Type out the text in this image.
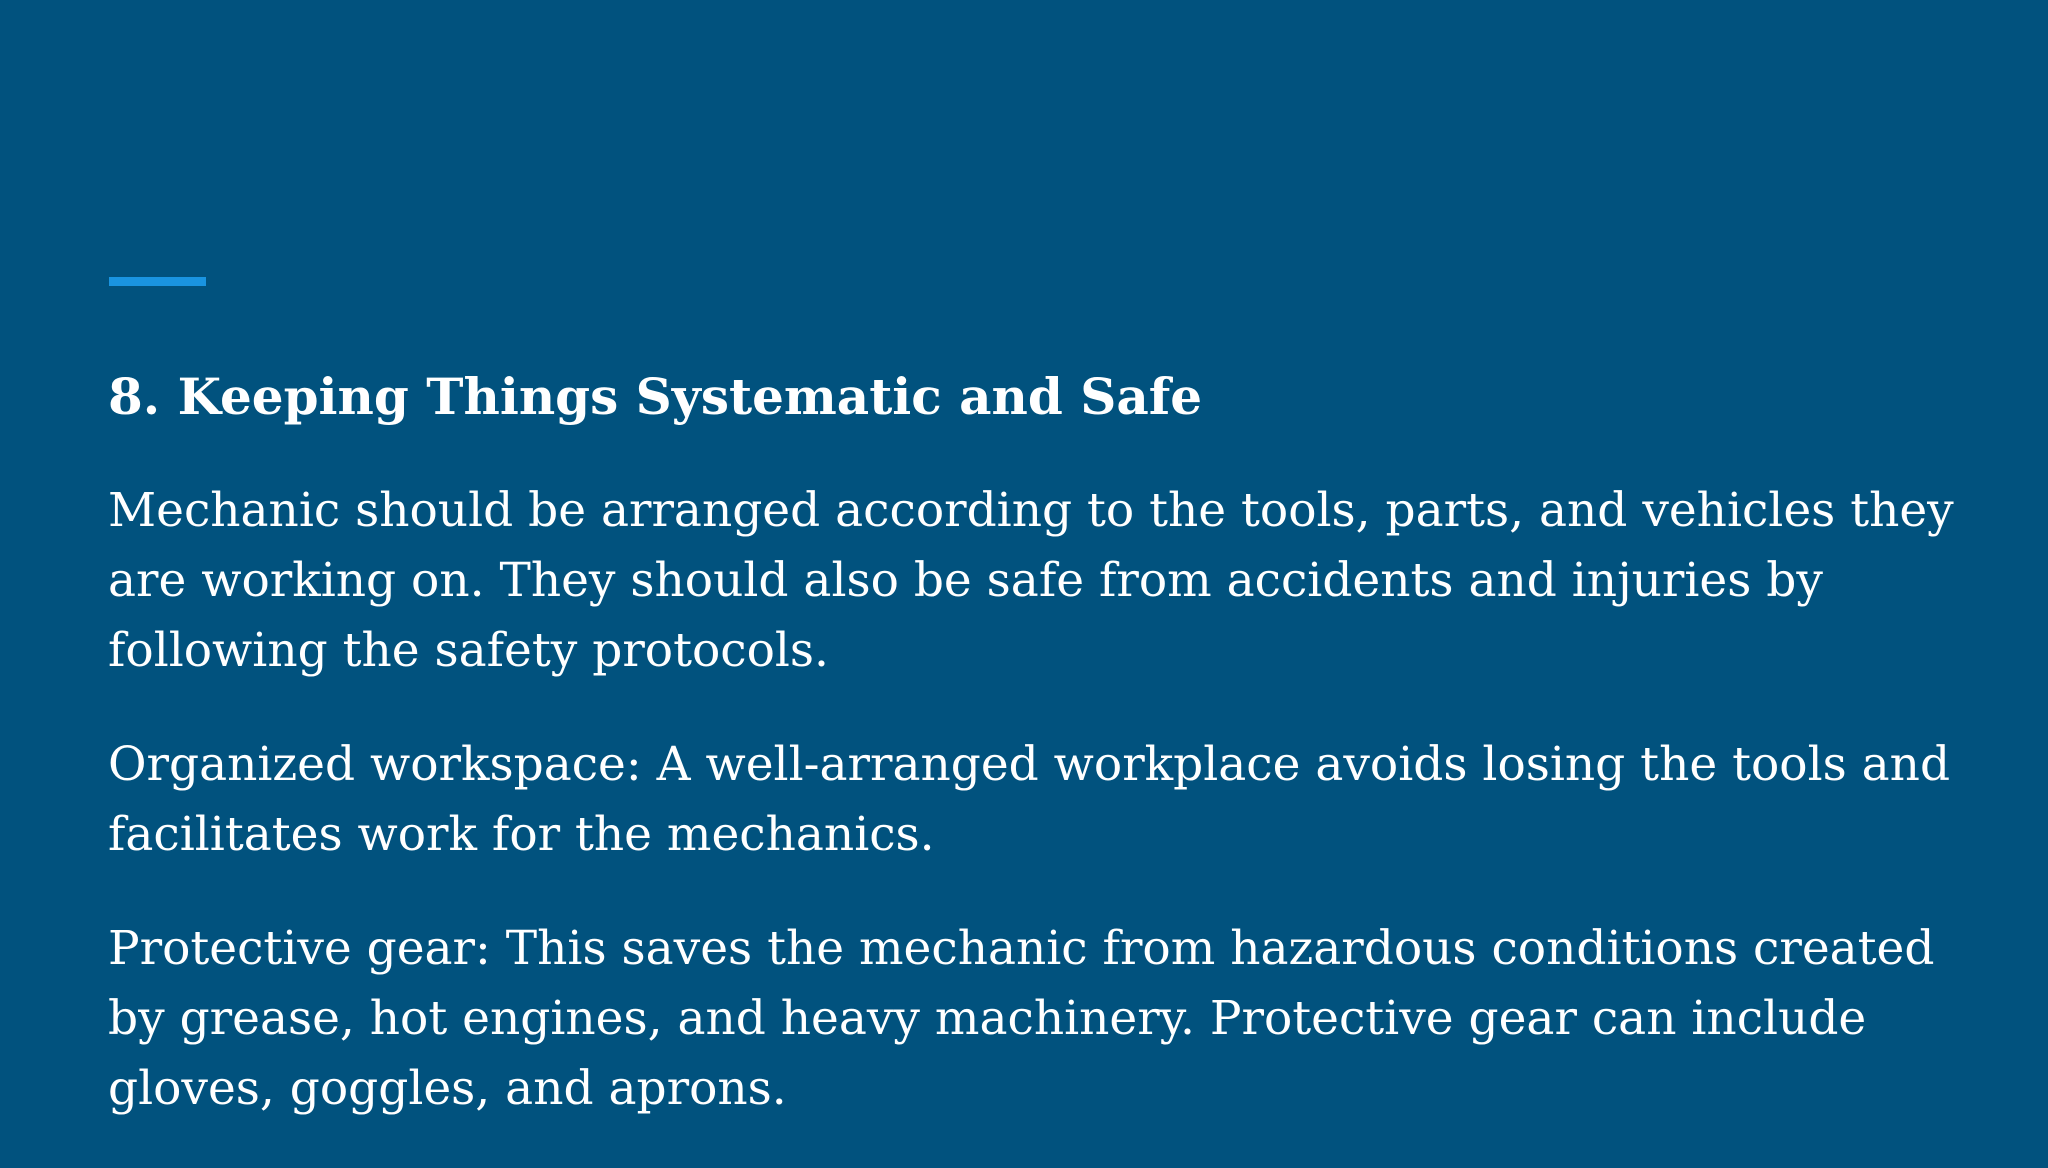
8. Keeping Things Systematic and Safe

Mechanic should be arranged according to the tools, parts, and vehicles they are working on. They should also be safe from accidents and injuries by following the safety protocols.

Organized workspace: A well-arranged workplace avoids losing the tools and facilitates work for the mechanics.

Protective gear: This saves the mechanic from hazardous conditions created by grease, hot engines, and heavy machinery. Protective gear can include gloves, goggles, and aprons.
